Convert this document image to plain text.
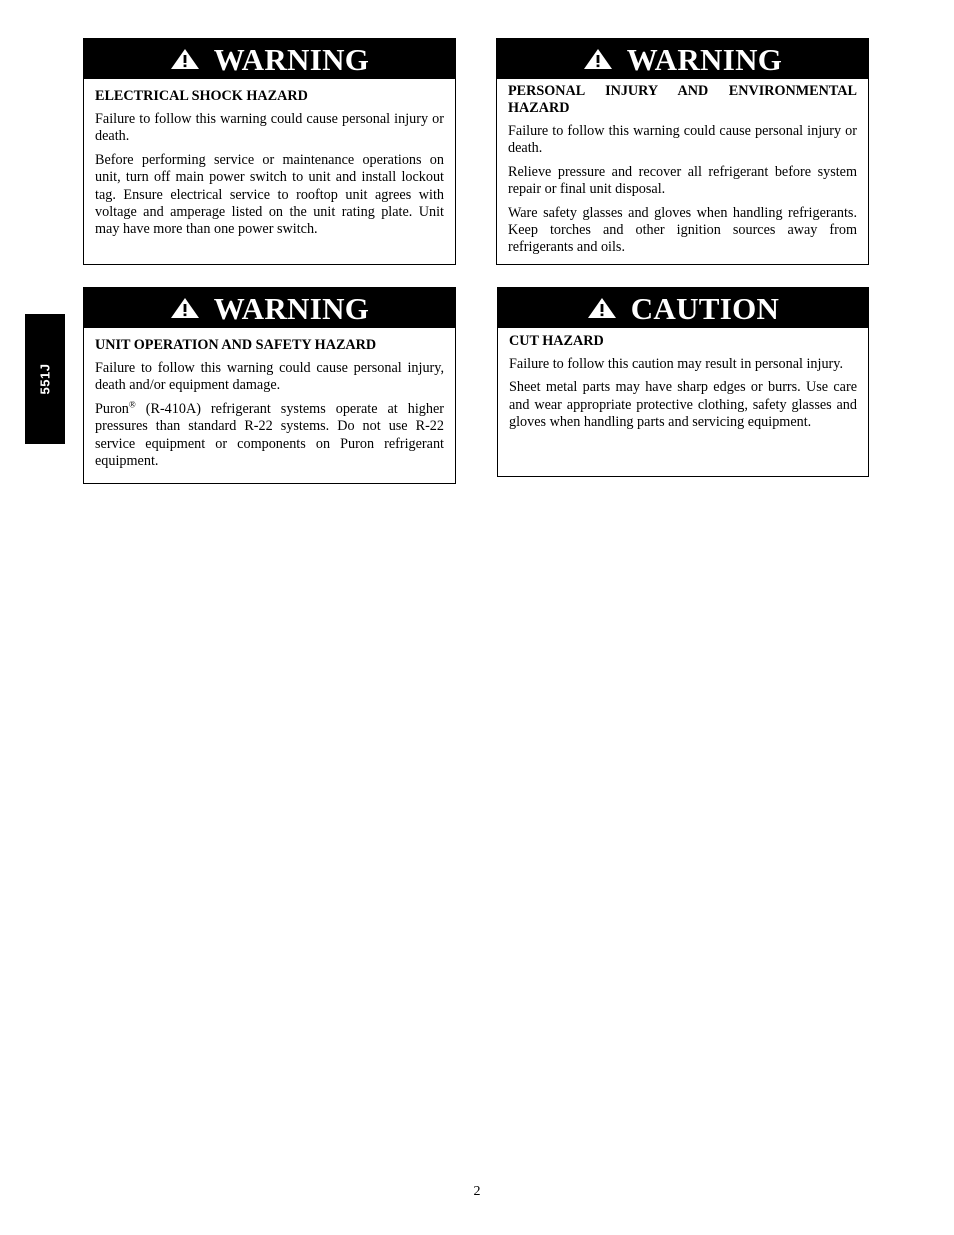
551J
WARNING

ELECTRICAL SHOCK HAZARD

Failure to follow this warning could cause personal injury or death.

Before performing service or maintenance operations on unit, turn off main power switch to unit and install lockout tag. Ensure electrical service to rooftop unit agrees with voltage and amperage listed on the unit rating plate. Unit may have more than one power switch.

WARNING

PERSONAL INJURY AND ENVIRONMENTAL HAZARD

Failure to follow this warning could cause personal injury or death.

Relieve pressure and recover all refrigerant before system repair or final unit disposal.

Ware safety glasses and gloves when handling refrigerants. Keep torches and other ignition sources away from refrigerants and oils.

WARNING

UNIT OPERATION AND SAFETY HAZARD

Failure to follow this warning could cause personal injury, death and/or equipment damage.

Puron® (R-410A) refrigerant systems operate at higher pressures than standard R-22 systems. Do not use R-22 service equipment or components on Puron refrigerant equipment.

CAUTION

CUT HAZARD

Failure to follow this caution may result in personal injury.

Sheet metal parts may have sharp edges or burrs. Use care and wear appropriate protective clothing, safety glasses and gloves when handling parts and servicing equipment.

2
